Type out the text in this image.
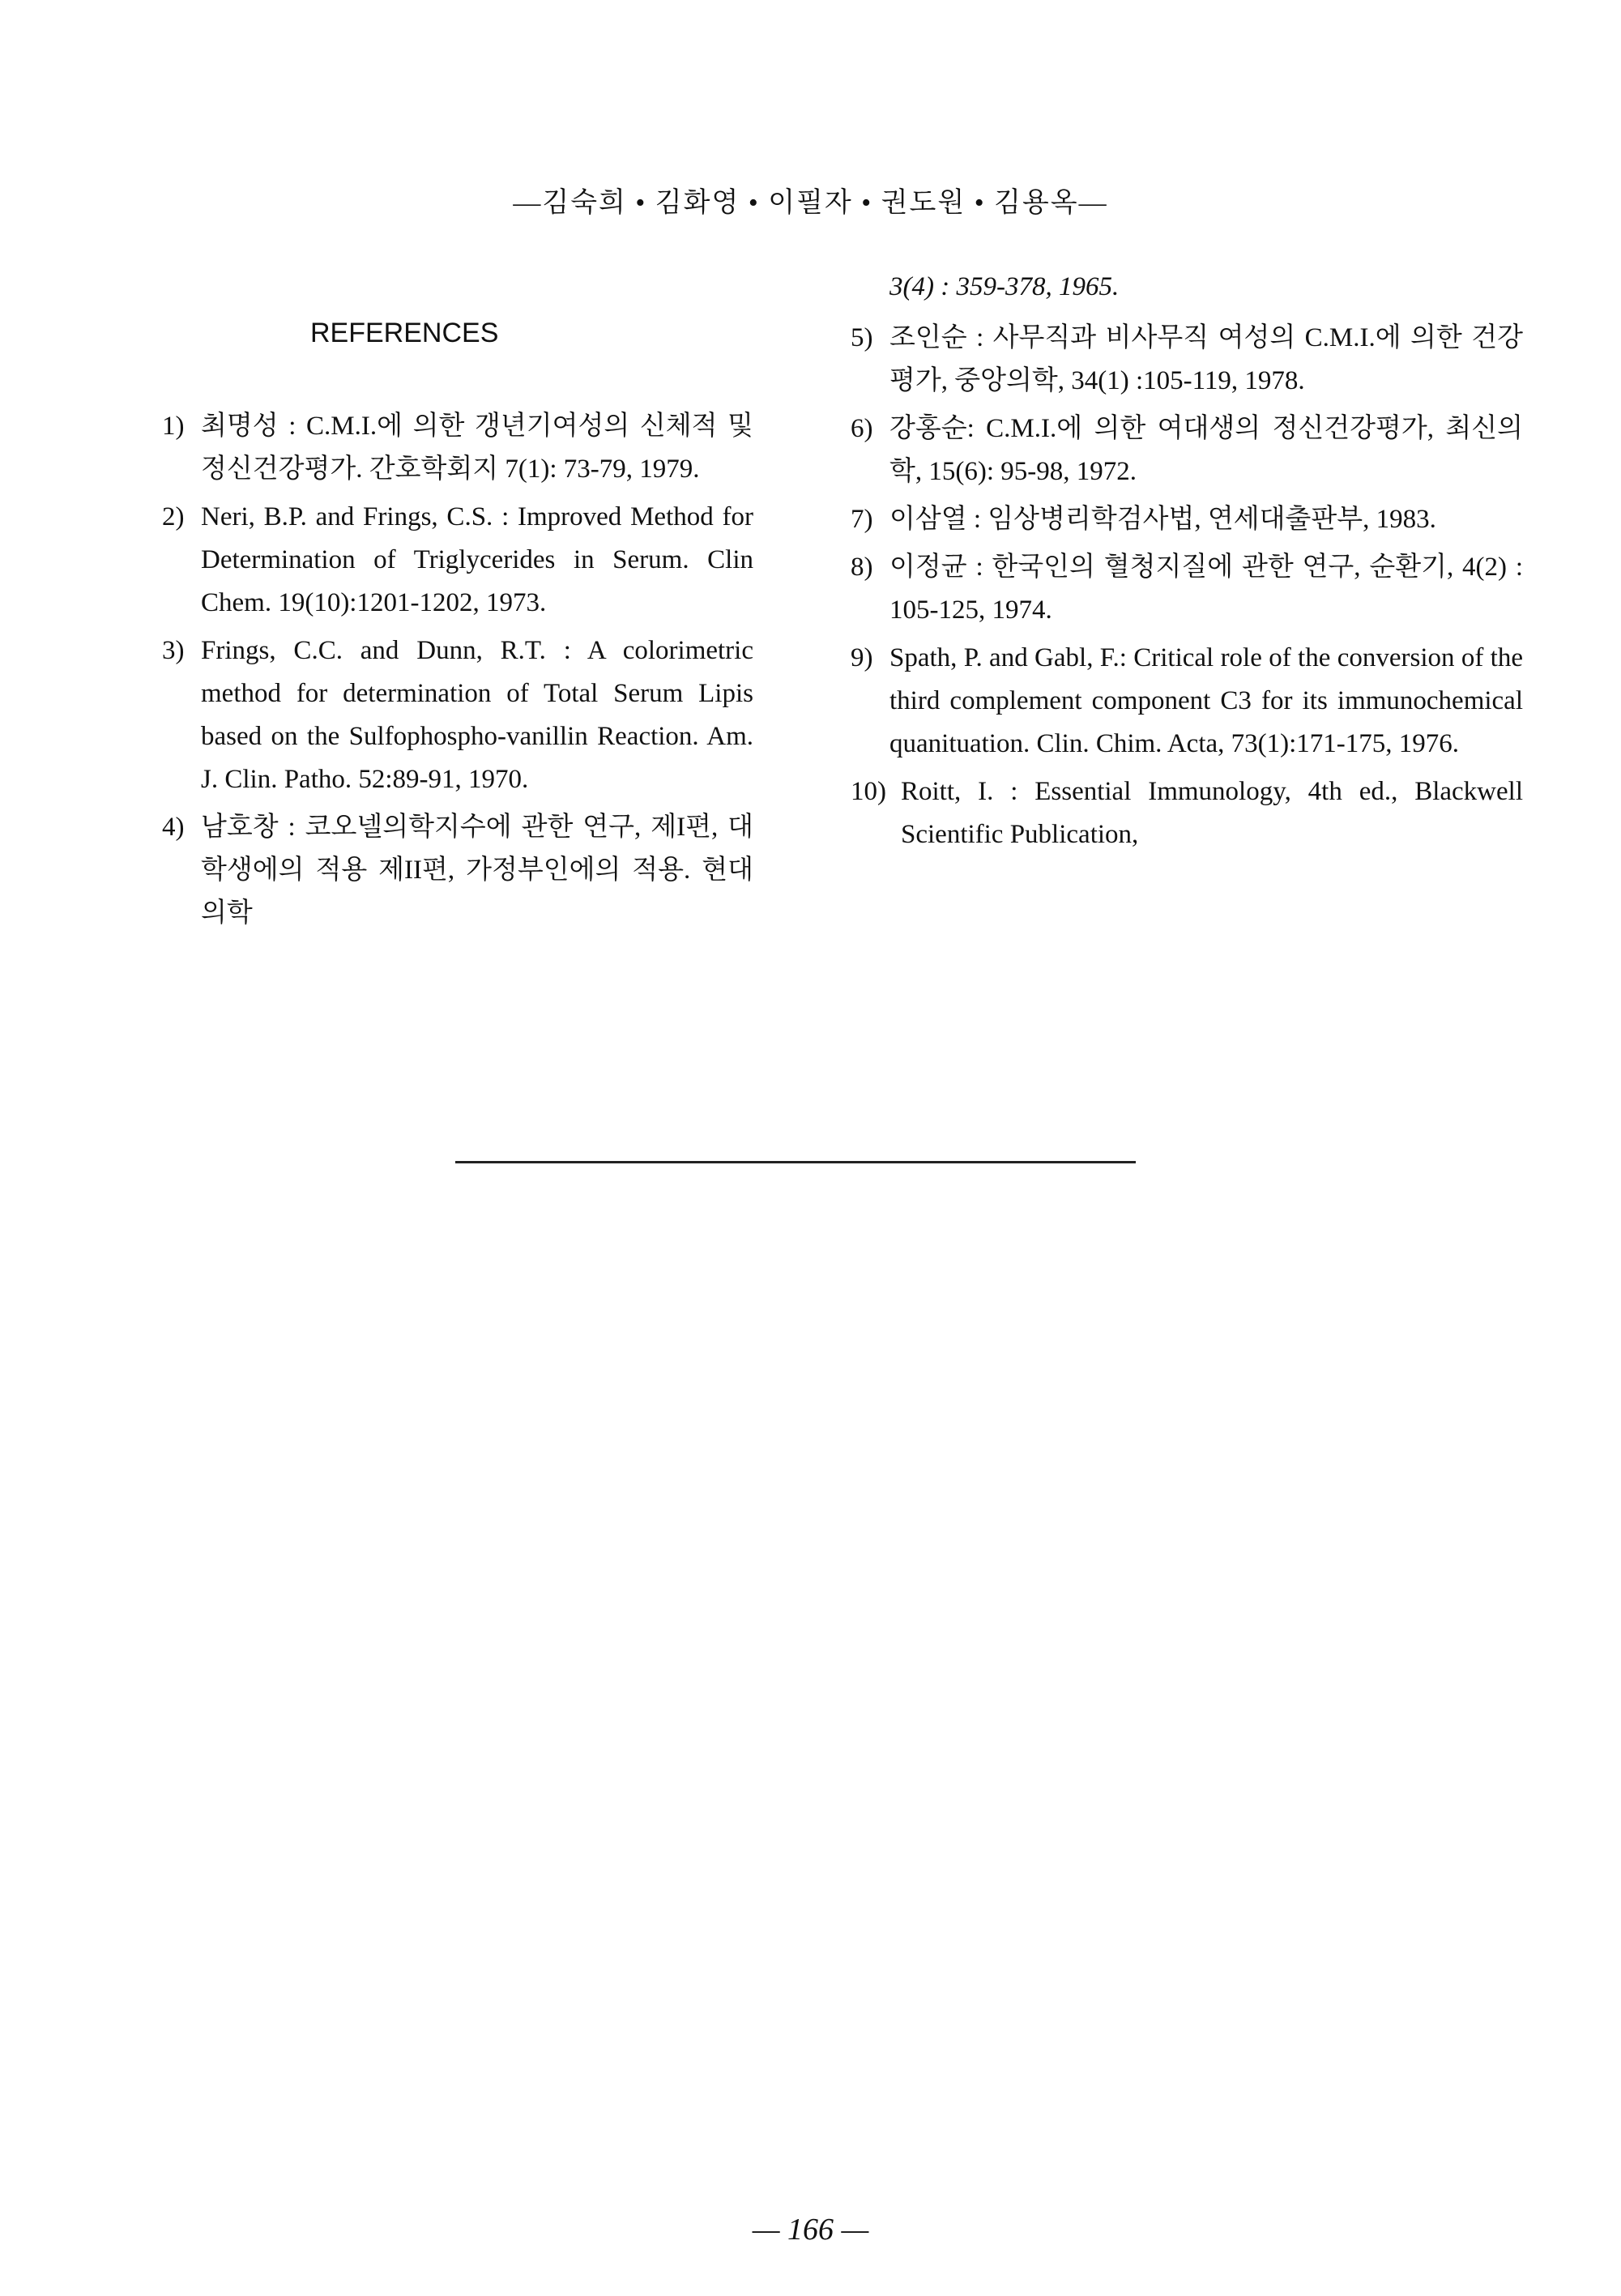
—김숙희 • 김화영 • 이필자 • 권도원 • 김용옥—
REFERENCES
1) 최명성 : C.M.I.에 의한 갱년기여성의 신체적 및 정신건강평가. 간호학회지 7(1): 73-79, 1979.
2) Neri, B.P. and Frings, C.S. : Improved Method for Determination of Triglycerides in Serum. Clin Chem. 19(10):1201-1202, 1973.
3) Frings, C.C. and Dunn, R.T. : A colorimetric method for determination of Total Serum Lipis based on the Sulfophospho-vanillin Reaction. Am. J. Clin. Patho. 52:89-91, 1970.
4) 남호창 : 코오넬의학지수에 관한 연구, 제I편, 대학생에의 적용 제II편, 가정부인에의 적용. 현대의학
3(4) : 359-378, 1965.
5) 조인순 : 사무직과 비사무직 여성의 C.M.I.에 의한 건강평가, 중앙의학, 34(1) :105-119, 1978.
6) 강홍순: C.M.I.에 의한 여대생의 정신건강평가, 최신의학, 15(6): 95-98, 1972.
7) 이삼열 : 임상병리학검사법, 연세대출판부, 1983.
8) 이정균 : 한국인의 혈청지질에 관한 연구, 순환기, 4(2) : 105-125, 1974.
9) Spath, P. and Gabl, F.: Critical role of the conversion of the third complement component C3 for its immunochemical quanituation. Clin. Chim. Acta, 73(1):171-175, 1976.
10) Roitt, I. : Essential Immunology, 4th ed., Blackwell Scientific Publication,
— 166 —
